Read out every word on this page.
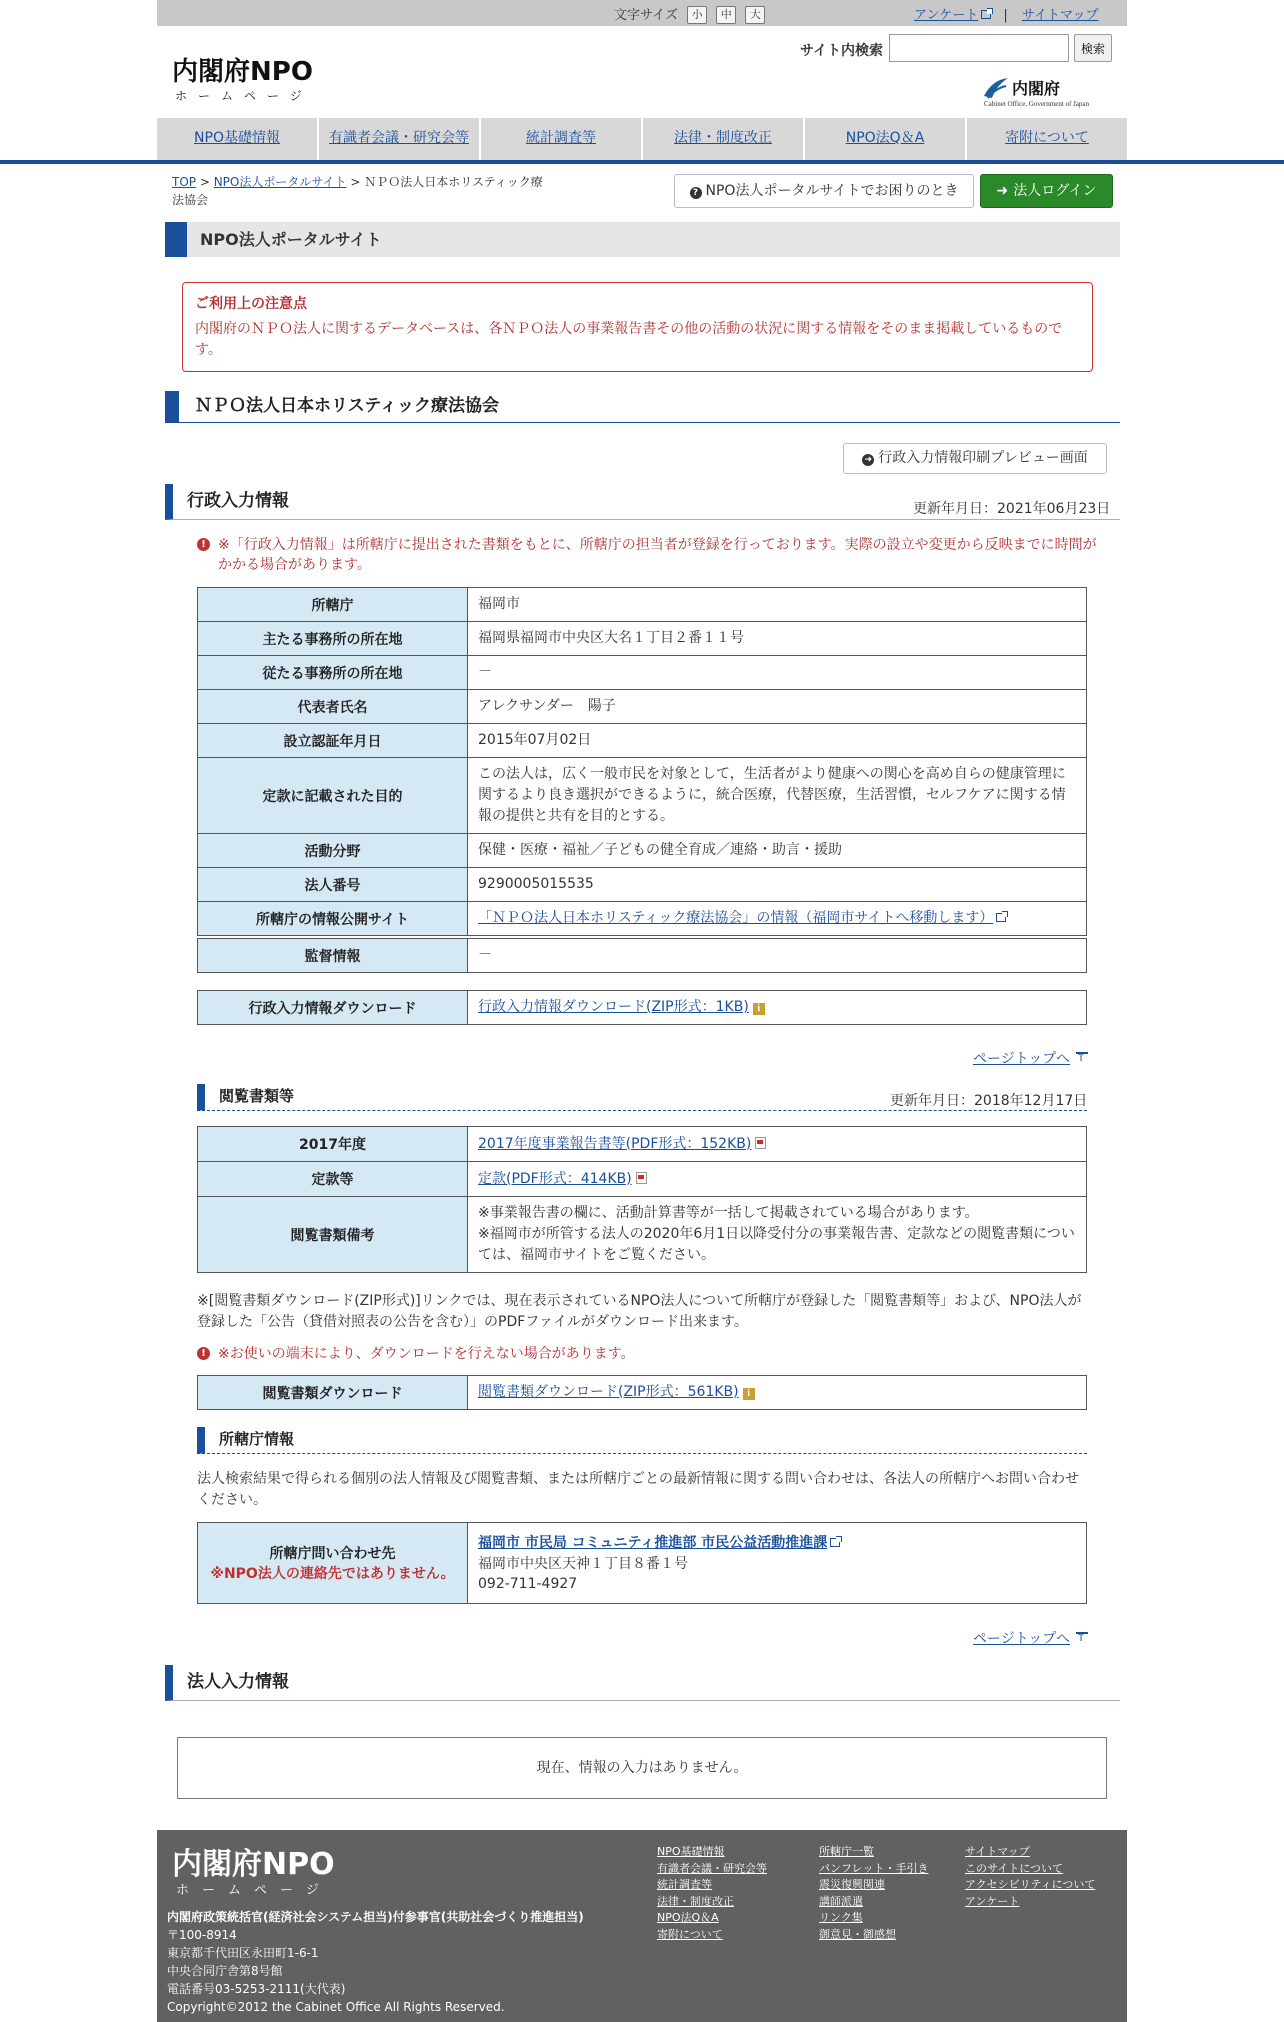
文字サイズ 小 中 大	アンケート | サイトマップ
内閣府NPO
ホームページ
サイト内検索	検索
内閣府
Cabinet Office, Government of Japan
NPO基礎情報	有識者会議・研究会等	統計調査等	法律・制度改正	NPO法Q＆A	寄附について
TOP > NPO法人ポータルサイト > ＮＰＯ法人日本ホリスティック療法協会	? NPO法人ポータルサイトでお困りのとき	➜ 法人ログイン
NPO法人ポータルサイト
ご利用上の注意点
内閣府のＮＰＯ法人に関するデータベースは、各ＮＰＯ法人の事業報告書その他の活動の状況に関する情報をそのまま掲載しているもので す。
ＮＰＯ法人日本ホリスティック療法協会
➜ 行政入力情報印刷プレビュー画面
行政入力情報	更新年月日：2021年06月23日
! ※「行政入力情報」は所轄庁に提出された書類をもとに、所轄庁の担当者が登録を行っております。実際の設立や変更から反映までに時間がかかる場合があります。
所轄庁	福岡市
主たる事務所の所在地	福岡県福岡市中央区大名１丁目２番１１号
従たる事務所の所在地	－
代表者氏名	アレクサンダー　陽子
設立認証年月日	2015年07月02日
定款に記載された目的	この法人は，広く一般市民を対象として，生活者がより健康への関心を高め自らの健康管理に関するより良き選択ができるように，統合医療，代替医療，生活習慣，セルフケアに関する情報の提供と共有を目的とする。
活動分野	保健・医療・福祉／子どもの健全育成／連絡・助言・援助
法人番号	9290005015535
所轄庁の情報公開サイト	「ＮＰＯ法人日本ホリスティック療法協会」の情報（福岡市サイトへ移動します）
監督情報	－
行政入力情報ダウンロード	行政入力情報ダウンロード(ZIP形式：1KB) i
ページトップへ↑
閲覧書類等	更新年月日：2018年12月17日
2017年度	2017年度事業報告書等(PDF形式：152KB)
定款等	定款(PDF形式：414KB)
閲覧書類備考	※事業報告書の欄に、活動計算書等が一括して掲載されている場合があります。
※福岡市が所管する法人の2020年6月1日以降受付分の事業報告書、定款などの閲覧書類については、福岡市サイトをご覧ください。
※[閲覧書類ダウンロード(ZIP形式)]リンクでは、現在表示されているNPO法人について所轄庁が登録した「閲覧書類等」および、NPO法人が登録した「公告（貸借対照表の公告を含む）」のPDFファイルがダウンロード出来ます。
! ※お使いの端末により、ダウンロードを行えない場合があります。
閲覧書類ダウンロード	閲覧書類ダウンロード(ZIP形式：561KB) i
所轄庁情報
法人検索結果で得られる個別の法人情報及び閲覧書類、または所轄庁ごとの最新情報に関する問い合わせは、各法人の所轄庁へお問い合わせください。
所轄庁問い合わせ先
※NPO法人の連絡先ではありません。
	福岡市 市民局 コミュニティ推進部 市民公益活動推進課
福岡市中央区天神１丁目８番１号
092-711-4927
ページトップへ↑
法人入力情報
現在、情報の入力はありません。
内閣府NPO
ホームページ
内閣府政策統括官(経済社会システム担当)付参事官(共助社会づくり推進担当)
〒100-8914
東京都千代田区永田町1-6-1
中央合同庁舎第8号館
電話番号03-5253-2111(大代表)
Copyright©2012 the Cabinet Office All Rights Reserved.
NPO基礎情報
有識者会議・研究会等
統計調査等
法律・制度改正
NPO法Q＆A
寄附について
所轄庁一覧
パンフレット・手引き
震災復興関連
講師派遣
リンク集
御意見・御感想
サイトマップ
このサイトについて
アクセシビリティについて
アンケート
